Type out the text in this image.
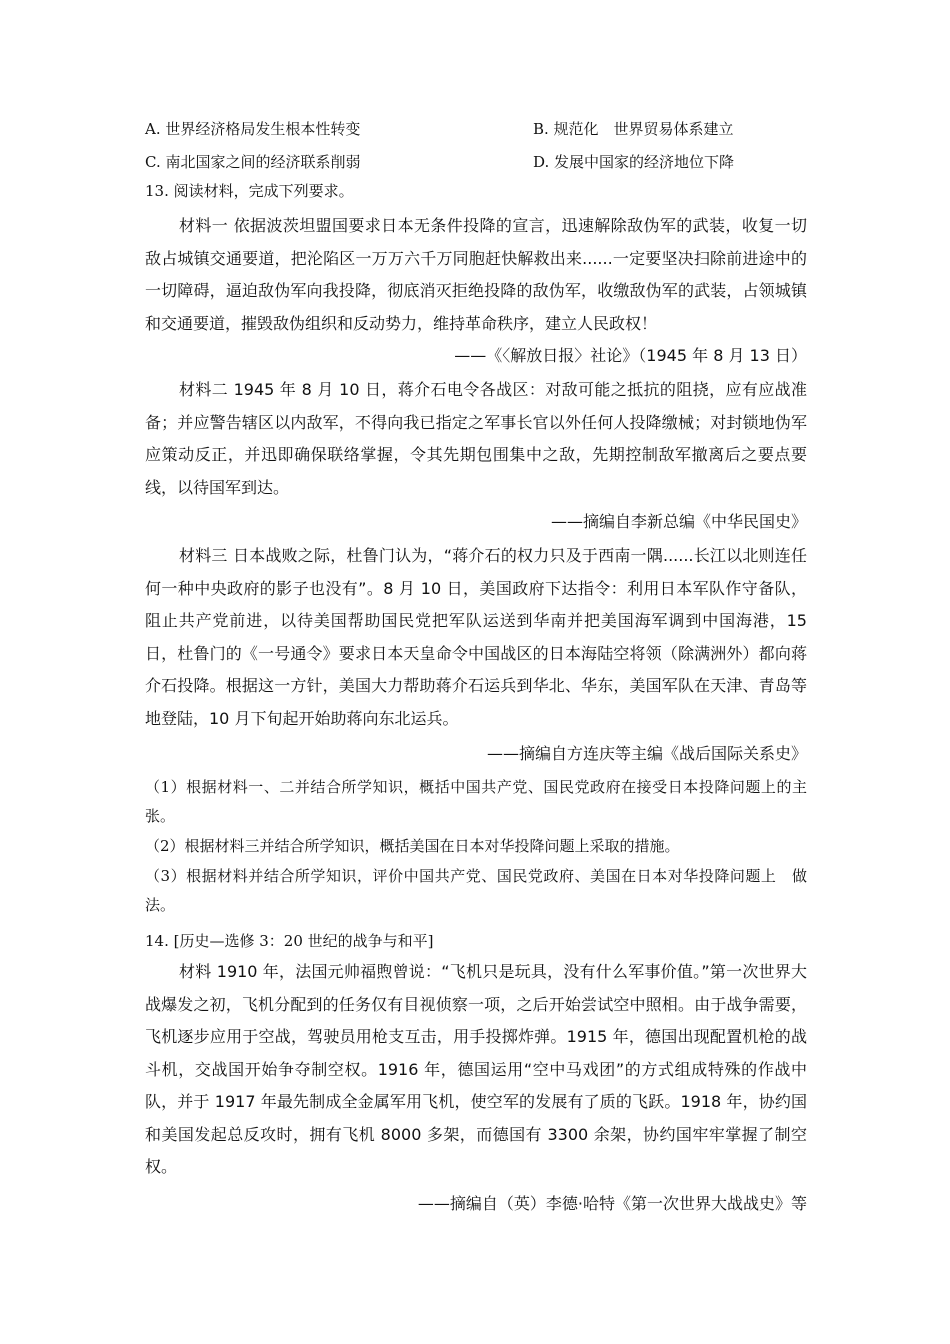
A. 世界经济格局发生根本性转变	B. 规范化　世界贸易体系建立
C. 南北国家之间的经济联系削弱	D. 发展中国家的经济地位下降
13. 阅读材料，完成下列要求。
材料一 依据波茨坦盟国要求日本无条件投降的宣言，迅速解除敌伪军的武装，收复一切敌占城镇交通要道，把沦陷区一万万六千万同胞赶快解救出来......一定要坚决扫除前进途中的一切障碍，逼迫敌伪军向我投降，彻底消灭拒绝投降的敌伪军，收缴敌伪军的武装，占领城镇和交通要道，摧毁敌伪组织和反动势力，维持革命秩序，建立人民政权！
——《〈解放日报〉社论》（1945 年 8 月 13 日）
材料二 1945 年 8 月 10 日，蒋介石电令各战区：对敌可能之抵抗的阻挠，应有应战准备；并应警告辖区以内敌军，不得向我已指定之军事长官以外任何人投降缴械；对封锁地伪军应策动反正，并迅即确保联络掌握，令其先期包围集中之敌，先期控制敌军撤离后之要点要线，以待国军到达。
——摘编自李新总编《中华民国史》
材料三 日本战败之际，杜鲁门认为，“蒋介石的权力只及于西南一隅......长江以北则连任何一种中央政府的影子也没有”。8 月 10 日，美国政府下达指令：利用日本军队作守备队，阻止共产党前进，以待美国帮助国民党把军队运送到华南并把美国海军调到中国海港，15 日，杜鲁门的《一号通令》要求日本天皇命令中国战区的日本海陆空将领（除满洲外）都向蒋介石投降。根据这一方针，美国大力帮助蒋介石运兵到华北、华东，美国军队在天津、青岛等地登陆，10 月下旬起开始助蒋向东北运兵。
——摘编自方连庆等主编《战后国际关系史》
（1）根据材料一、二并结合所学知识，概括中国共产党、国民党政府在接受日本投降问题上的主张。
（2）根据材料三并结合所学知识，概括美国在日本对华投降问题上采取的措施。
（3）根据材料并结合所学知识，评价中国共产党、国民党政府、美国在日本对华投降问题上　做法。
14. [历史—选修 3：20 世纪的战争与和平]
材料 1910 年，法国元帅福煦曾说：“飞机只是玩具，没有什么军事价值。”第一次世界大战爆发之初，飞机分配到的任务仅有目视侦察一项，之后开始尝试空中照相。由于战争需要，飞机逐步应用于空战，驾驶员用枪支互击，用手投掷炸弹。1915 年，德国出现配置机枪的战斗机，交战国开始争夺制空权。1916 年，德国运用“空中马戏团”的方式组成特殊的作战中队，并于 1917 年最先制成全金属军用飞机，使空军的发展有了质的飞跃。1918 年，协约国和美国发起总反攻时，拥有飞机 8000 多架，而德国有 3300 余架，协约国牢牢掌握了制空权。
——摘编自（英）李德·哈特《第一次世界大战战史》等
